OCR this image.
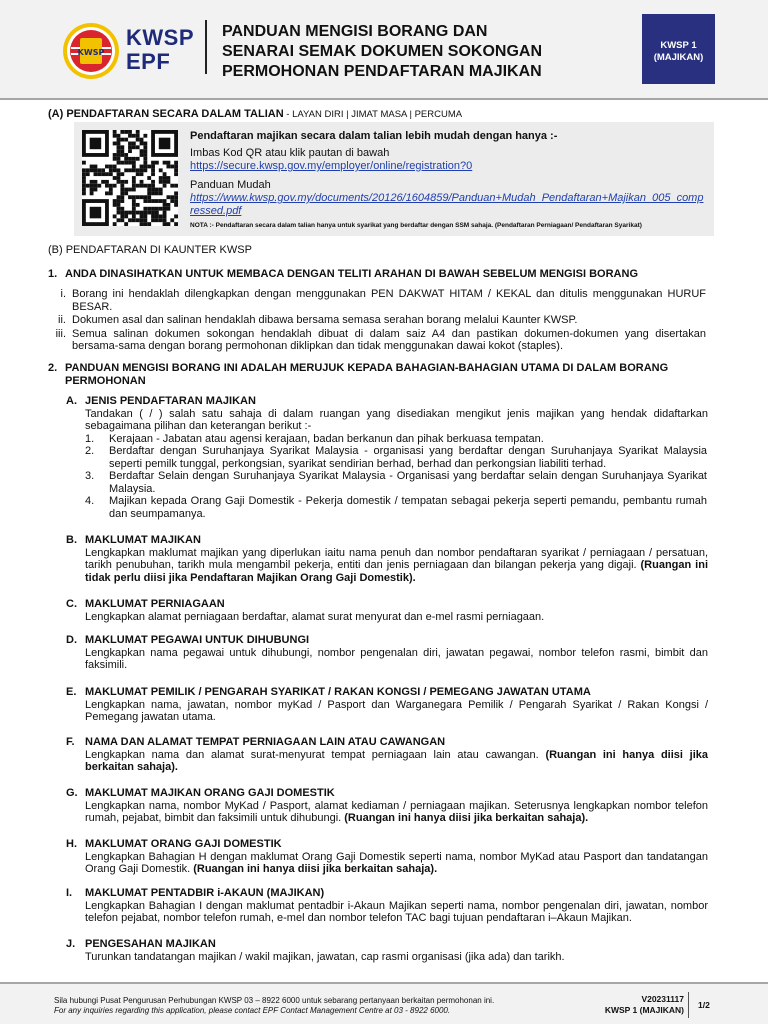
KWSP
KWSP
EPF
PANDUAN MENGISI BORANG DAN
SENARAI SEMAK DOKUMEN SOKONGAN
PERMOHONAN PENDAFTARAN MAJIKAN
KWSP 1
(MAJIKAN)
(A) PENDAFTARAN SECARA DALAM TALIAN - LAYAN DIRI | JIMAT MASA | PERCUMA
Pendaftaran majikan secara dalam talian lebih mudah dengan hanya :-
Imbas Kod QR atau klik pautan di bawah
https://secure.kwsp.gov.my/employer/online/registration?0
Panduan Mudah
https://www.kwsp.gov.my/documents/20126/1604859/Panduan+Mudah_Pendaftaran+Majikan_005_compressed.pdf
NOTA :- Pendaftaran secara dalam talian hanya untuk syarikat yang berdaftar dengan SSM sahaja. (Pendaftaran Perniagaan/ Pendaftaran Syarikat)
(B) PENDAFTARAN DI KAUNTER KWSP
1. ANDA DINASIHATKAN UNTUK MEMBACA DENGAN TELITI ARAHAN DI BAWAH SEBELUM MENGISI BORANG
i. Borang ini hendaklah dilengkapkan dengan menggunakan PEN DAKWAT HITAM / KEKAL dan ditulis menggunakan HURUF BESAR.
ii. Dokumen asal dan salinan hendaklah dibawa bersama semasa serahan borang melalui Kaunter KWSP.
iii. Semua salinan dokumen sokongan hendaklah dibuat di dalam saiz A4 dan pastikan dokumen-dokumen yang disertakan bersama-sama dengan borang permohonan diklipkan dan tidak menggunakan dawai kokot (staples).
2. PANDUAN MENGISI BORANG INI ADALAH MERUJUK KEPADA BAHAGIAN-BAHAGIAN UTAMA DI DALAM BORANG PERMOHONAN
A. JENIS PENDAFTARAN MAJIKAN
Tandakan ( / ) salah satu sahaja di dalam ruangan yang disediakan mengikut jenis majikan yang hendak didaftarkan sebagaimana pilihan dan keterangan berikut :-
1.	Kerajaan - Jabatan atau agensi kerajaan, badan berkanun dan pihak berkuasa tempatan.
2.	Berdaftar dengan Suruhanjaya Syarikat Malaysia - organisasi yang berdaftar dengan Suruhanjaya Syarikat Malaysia seperti pemilk tunggal, perkongsian, syarikat sendirian berhad, berhad dan perkongsian liabiliti terhad.
3.	Berdaftar Selain dengan Suruhanjaya Syarikat Malaysia - Organisasi yang berdaftar selain dengan Suruhanjaya Syarikat Malaysia.
4.	Majikan kepada Orang Gaji Domestik - Pekerja domestik / tempatan sebagai pekerja seperti pemandu, pembantu rumah dan seumpamanya.
B. MAKLUMAT MAJIKAN
Lengkapkan maklumat majikan yang diperlukan iaitu nama penuh dan nombor pendaftaran syarikat / perniagaan / persatuan, tarikh penubuhan, tarikh mula mengambil pekerja, entiti dan jenis perniagaan dan bilangan pekerja yang digaji. (Ruangan ini tidak perlu diisi jika Pendaftaran Majikan Orang Gaji Domestik).
C. MAKLUMAT PERNIAGAAN
Lengkapkan alamat perniagaan berdaftar, alamat surat menyurat dan e-mel rasmi perniagaan.
D. MAKLUMAT PEGAWAI UNTUK DIHUBUNGI
Lengkapkan nama pegawai untuk dihubungi, nombor pengenalan diri, jawatan pegawai, nombor telefon rasmi, bimbit dan faksimili.
E. MAKLUMAT PEMILIK / PENGARAH SYARIKAT / RAKAN KONGSI / PEMEGANG JAWATAN UTAMA
Lengkapkan nama, jawatan, nombor myKad / Pasport dan Warganegara Pemilik / Pengarah Syarikat / Rakan Kongsi / Pemegang jawatan utama.
F. NAMA DAN ALAMAT TEMPAT PERNIAGAAN LAIN ATAU CAWANGAN
Lengkapkan nama dan alamat surat-menyurat tempat perniagaan lain atau cawangan. (Ruangan ini hanya diisi jika berkaitan sahaja).
G. MAKLUMAT MAJIKAN ORANG GAJI DOMESTIK
Lengkapkan nama, nombor MyKad / Pasport, alamat kediaman / perniagaan majikan. Seterusnya lengkapkan nombor telefon rumah, pejabat, bimbit dan faksimili untuk dihubungi. (Ruangan ini hanya diisi jika berkaitan sahaja).
H. MAKLUMAT ORANG GAJI DOMESTIK
Lengkapkan Bahagian H dengan maklumat Orang Gaji Domestik seperti nama, nombor MyKad atau Pasport dan tandatangan Orang Gaji Domestik. (Ruangan ini hanya diisi jika berkaitan sahaja).
I. MAKLUMAT PENTADBIR i-AKAUN (MAJIKAN)
Lengkapkan Bahagian I dengan maklumat pentadbir i-Akaun Majikan seperti nama, nombor pengenalan diri, jawatan, nombor telefon pejabat, nombor telefon rumah, e-mel dan nombor telefon TAC bagi tujuan pendaftaran i–Akaun Majikan.
J. PENGESAHAN MAJIKAN
Turunkan tandatangan majikan / wakil majikan, jawatan, cap rasmi organisasi (jika ada) dan tarikh.
Sila hubungi Pusat Pengurusan Perhubungan KWSP 03 – 8922 6000 untuk sebarang pertanyaan berkaitan permohonan ini.
For any inquiries regarding this application, please contact EPF Contact Management Centre at 03 - 8922 6000.
V20231117
KWSP 1 (MAJIKAN) 1/2
